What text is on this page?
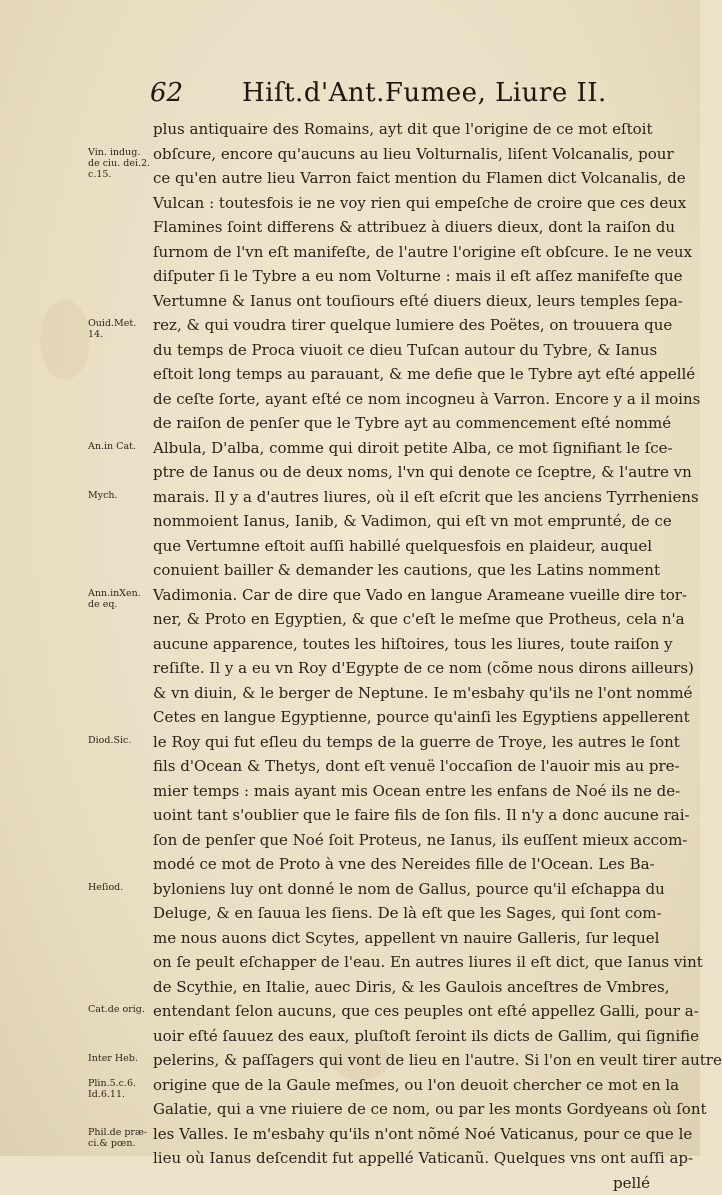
62 Hiſt.d'Ant.Fumee, Liure II.
plus antiquaire des Romains, ayt dit que l'origine de ce mot eſtoit
obſcure, encore qu'aucuns au lieu Volturnalis, liſent Volcanalis, pour
ce qu'en autre lieu Varron faict mention du Flamen dict Volcanalis, de
Vulcan : toutesfois ie ne voy rien qui empeſche de croire que ces deux
Flamines ſoint differens & attribuez à diuers dieux, dont la raiſon du
ſurnom de l'vn eſt manifeſte, de l'autre l'origine eſt obſcure. Ie ne veux
diſputer ſi le Tybre a eu nom Volturne : mais il eſt aſſez manifeſte que
Vertumne & Ianus ont touſiours eſté diuers dieux, leurs temples ſepa-
rez, & qui voudra tirer quelque lumiere des Poëtes, on trouuera que
du temps de Proca viuoit ce dieu Tuſcan autour du Tybre, & Ianus
eſtoit long temps au parauant, & me defie que le Tybre ayt eſté appellé
de ceſte ſorte, ayant eſté ce nom incogneu à Varron. Encore y a il moins
de raiſon de penſer que le Tybre ayt au commencement eſté nommé
Albula, D'alba, comme qui diroit petite Alba, ce mot ſignifiant le ſce-
ptre de Ianus ou de deux noms, l'vn qui denote ce ſceptre, & l'autre vn
marais. Il y a d'autres liures, où il eſt eſcrit que les anciens Tyrrheniens
nommoient Ianus, Ianib, & Vadimon, qui eſt vn mot emprunté, de ce
que Vertumne eſtoit auſſi habillé quelquesfois en plaideur, auquel
conuient bailler & demander les cautions, que les Latins nomment
Vadimonia. Car de dire que Vado en langue Arameane vueille dire tor-
ner, & Proto en Egyptien, & que c'eſt le meſme que Protheus, cela n'a
aucune apparence, toutes les hiſtoires, tous les liures, toute raiſon y
reſiſte. Il y a eu vn Roy d'Egypte de ce nom (cõme nous dirons ailleurs)
& vn diuin, & le berger de Neptune. Ie m'esbahy qu'ils ne l'ont nommé
Cetes en langue Egyptienne, pource qu'ainſi les Egyptiens appellerent
le Roy qui fut eſleu du temps de la guerre de Troye, les autres le ſont
fils d'Ocean & Thetys, dont eſt venuë l'occaſion de l'auoir mis au pre-
mier temps : mais ayant mis Ocean entre les enfans de Noé ils ne de-
uoint tant s'oublier que le faire fils de ſon fils. Il n'y a donc aucune rai-
ſon de penſer que Noé ſoit Proteus, ne Ianus, ils euſſent mieux accom-
modé ce mot de Proto à vne des Nereides fille de l'Ocean. Les Ba-
byloniens luy ont donné le nom de Gallus, pource qu'il eſchappa du
Deluge, & en ſauua les ſiens. De là eſt que les Sages, qui ſont com-
me nous auons dict Scytes, appellent vn nauire Galleris, ſur lequel
on ſe peult eſchapper de l'eau. En autres liures il eſt dict, que Ianus vint
de Scythie, en Italie, auec Diris, & les Gaulois anceſtres de Vmbres,
entendant ſelon aucuns, que ces peuples ont eſté appellez Galli, pour a-
uoir eſté ſauuez des eaux, pluſtoſt ſeroint ils dicts de Gallim, qui ſignifie
pelerins, & paſſagers qui vont de lieu en l'autre. Si l'on en veult tirer autre
origine que de la Gaule meſmes, ou l'on deuoit chercher ce mot en la
Galatie, qui a vne riuiere de ce nom, ou par les monts Gordyeans où ſont
les Valles. Ie m'esbahy qu'ils n'ont nõmé Noé Vaticanus, pour ce que le
lieu où Ianus deſcendit fut appellé Vaticanũ. Quelques vns ont auſſi ap-
pellé
Vin. indug.
de ciu. dei.2.
c.15.
Ouid.Met.
14.
An.in Cat.
Mych.
Ann.inXen.
de eq.
Diod.Sic.
Heſiod.
Cat.de orig.
Inter Heb.
Plin.5.c.6.
Id.6.11.
Phil.de præ-
ci.& pœn.
